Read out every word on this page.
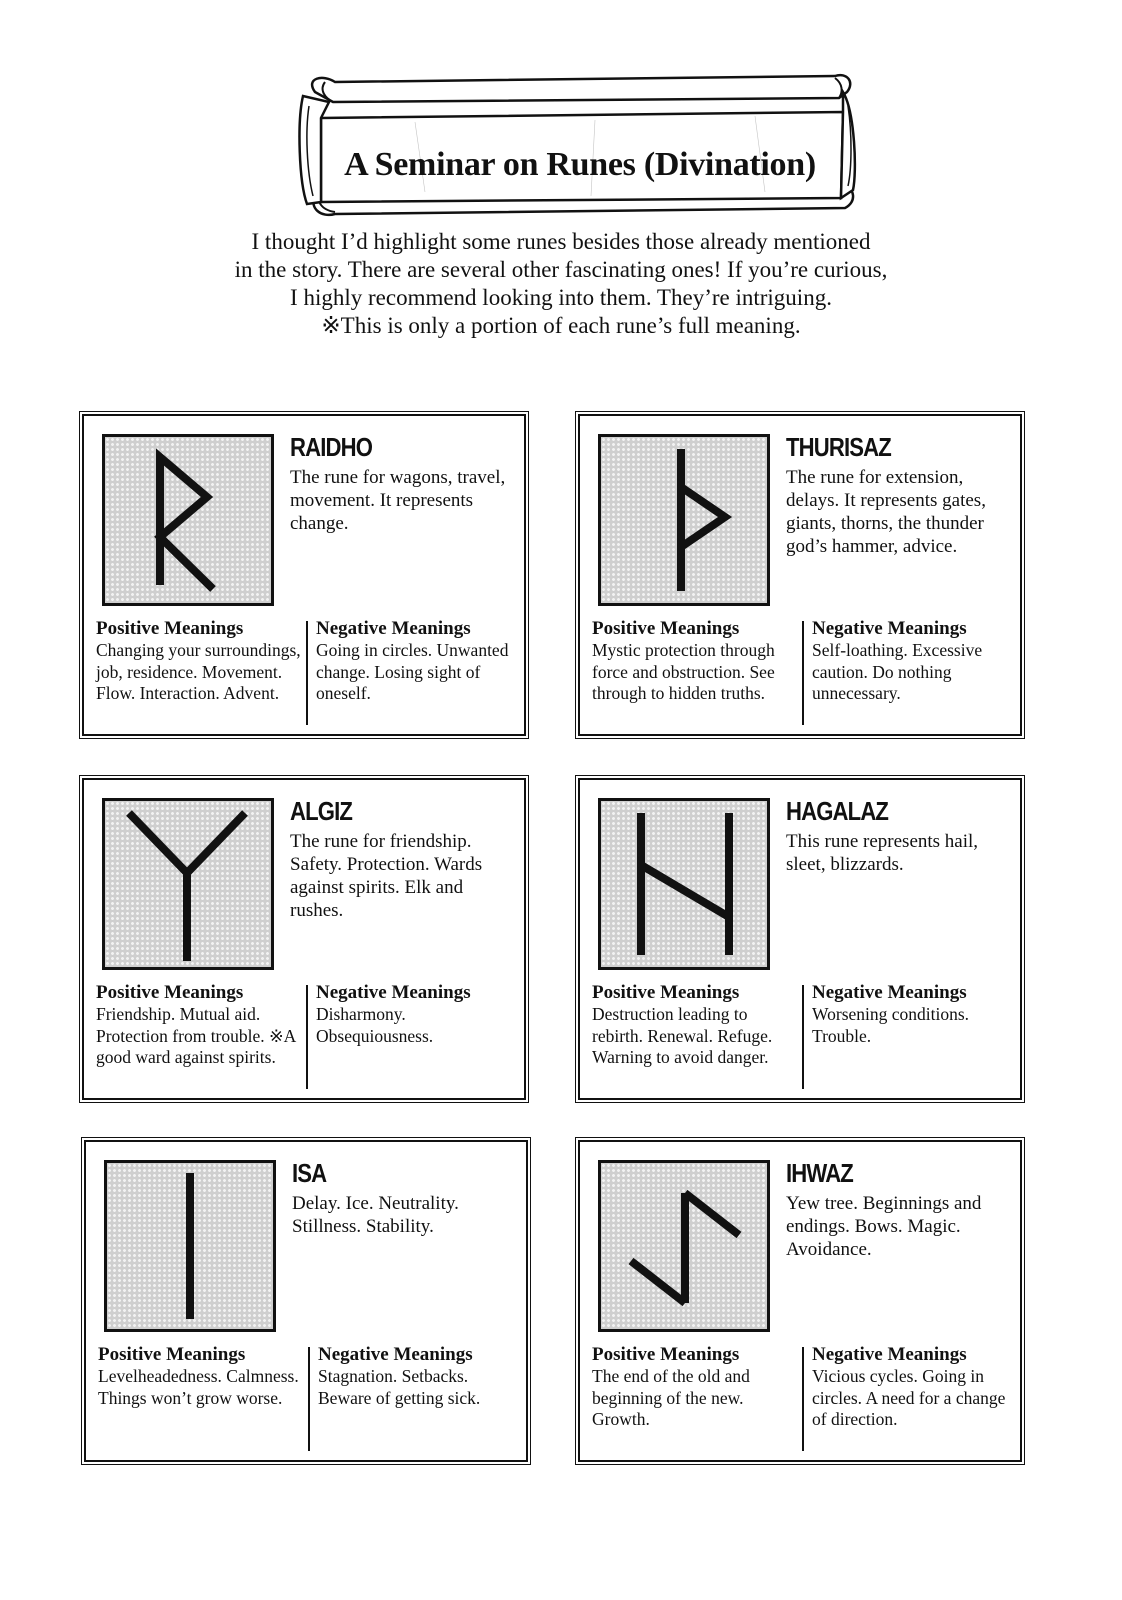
A Seminar on Runes (Divination)
I thought I’d highlight some runes besides those already mentioned
in the story. There are several other fascinating ones! If you’re curious,
I highly recommend looking into them. They’re intriguing.
※This is only a portion of each rune’s full meaning.
RAIDHO
The rune for wagons, travel, movement. It represents change.
Positive Meanings
Changing your surroundings, job, residence. Movement. Flow. Interaction. Advent.
Negative Meanings
Going in circles. Unwanted change. Losing sight of oneself.
THURISAZ
The rune for extension, delays. It represents gates, giants, thorns, the thunder god’s hammer, advice.
Positive Meanings
Mystic protection through force and obstruction. See through to hidden truths.
Negative Meanings
Self-loathing. Excessive caution. Do nothing unnecessary.
ALGIZ
The rune for friendship. Safety. Protection. Wards against spirits. Elk and rushes.
Positive Meanings
Friendship. Mutual aid. Protection from trouble. ※A good ward against spirits.
Negative Meanings
Disharmony. Obsequiousness.
HAGALAZ
This rune represents hail, sleet, blizzards.
Positive Meanings
Destruction leading to rebirth. Renewal. Refuge. Warning to avoid danger.
Negative Meanings
Worsening conditions. Trouble.
ISA
Delay. Ice. Neutrality. Stillness. Stability.
Positive Meanings
Levelheadedness. Calmness. Things won’t grow worse.
Negative Meanings
Stagnation. Setbacks. Beware of getting sick.
IHWAZ
Yew tree. Beginnings and endings. Bows. Magic. Avoidance.
Positive Meanings
The end of the old and beginning of the new. Growth.
Negative Meanings
Vicious cycles. Going in circles. A need for a change of direction.
